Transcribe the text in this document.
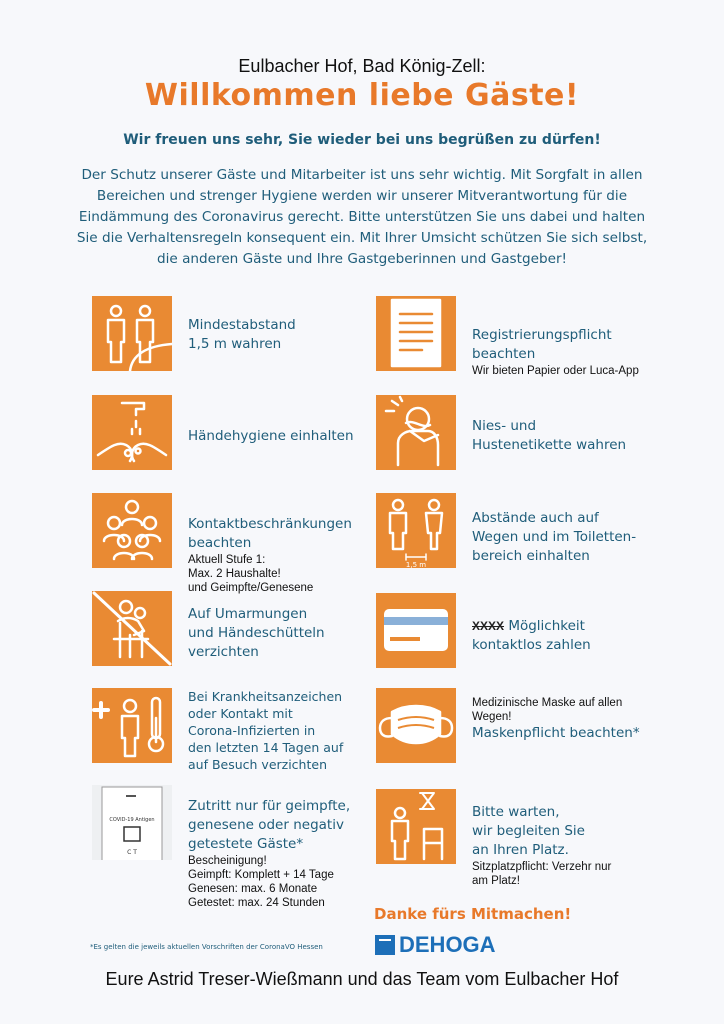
Eulbacher Hof, Bad König-Zell:
Willkommen liebe Gäste!
Wir freuen uns sehr, Sie wieder bei uns begrüßen zu dürfen!
Der Schutz unserer Gäste und Mitarbeiter ist uns sehr wichtig. Mit Sorgfalt in allen Bereichen und strenger Hygiene werden wir unserer Mitverantwortung für die Eindämmung des Coronavirus gerecht. Bitte unterstützen Sie uns dabei und halten Sie die Verhaltensregeln konsequent ein. Mit Ihrer Umsicht schützen Sie sich selbst, die anderen Gäste und Ihre Gastgeberinnen und Gastgeber!
Mindestabstand
1,5 m wahren
Händehygiene einhalten
Kontaktbeschränkungen
beachten
Aktuell Stufe 1:
Max. 2 Haushalte!
und Geimpfte/Genesene
Auf Umarmungen
und Händeschütteln
verzichten
Bei Krankheitsanzeichen
oder Kontakt mit
Corona-Infizierten in
den letzten 14 Tagen auf
auf Besuch verzichten
COVID-19 Antigen
C T
Zutritt nur für geimpfte,
genesene oder negativ
getestete Gäste*
Bescheinigung!
Geimpft: Komplett + 14 Tage
Genesen: max. 6 Monate
Getestet: max. 24 Stunden
Registrierungspflicht
beachten
Wir bieten Papier oder Luca-App
Nies- und
Hustenetikette wahren
1,5 m
Abstände auch auf
Wegen und im Toiletten-
bereich einhalten
XXXX Möglichkeit
kontaktlos zahlen
Medizinische Maske auf allen
Wegen!
Maskenpflicht beachten*
Bitte warten,
wir begleiten Sie
an Ihren Platz.
Sitzplatzpflicht: Verzehr nur
am Platz!
Danke fürs Mitmachen!
DEHOGA
*Es gelten die jeweils aktuellen Vorschriften der CoronaVO Hessen
Eure Astrid Treser-Wießmann und das Team vom Eulbacher Hof
